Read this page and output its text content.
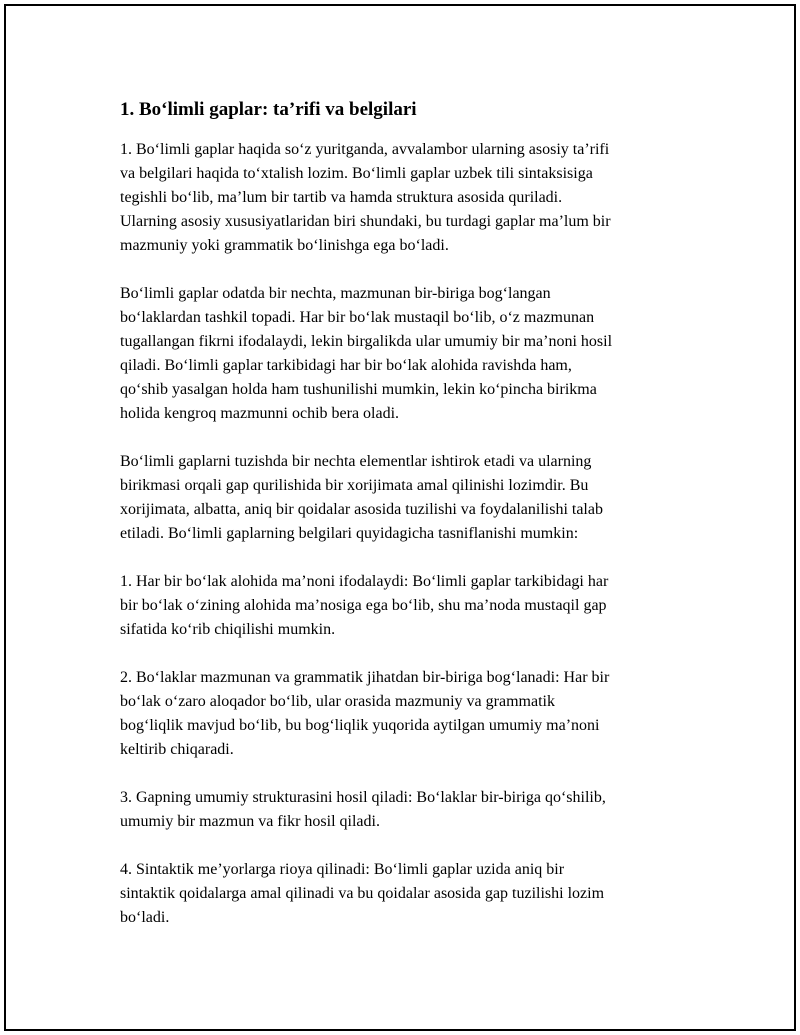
1. Bo‘limli gaplar: ta’rifi va belgilari

1. Bo‘limli gaplar haqida so‘z yuritganda, avvalambor ularning asosiy ta’rifi
va belgilari haqida to‘xtalish lozim. Bo‘limli gaplar uzbek tili sintaksisiga
tegishli bo‘lib, ma’lum bir tartib va hamda struktura asosida quriladi.
Ularning asosiy xususiyatlaridan biri shundaki, bu turdagi gaplar ma’lum bir
mazmuniy yoki grammatik bo‘linishga ega bo‘ladi.

Bo‘limli gaplar odatda bir nechta, mazmunan bir-biriga bog‘langan
bo‘laklardan tashkil topadi. Har bir bo‘lak mustaqil bo‘lib, o‘z mazmunan
tugallangan fikrni ifodalaydi, lekin birgalikda ular umumiy bir ma’noni hosil
qiladi. Bo‘limli gaplar tarkibidagi har bir bo‘lak alohida ravishda ham,
qo‘shib yasalgan holda ham tushunilishi mumkin, lekin ko‘pincha birikma
holida kengroq mazmunni ochib bera oladi.

Bo‘limli gaplarni tuzishda bir nechta elementlar ishtirok etadi va ularning
birikmasi orqali gap qurilishida bir xorijimata amal qilinishi lozimdir. Bu
xorijimata, albatta, aniq bir qoidalar asosida tuzilishi va foydalanilishi talab
etiladi. Bo‘limli gaplarning belgilari quyidagicha tasniflanishi mumkin:

1. Har bir bo‘lak alohida ma’noni ifodalaydi: Bo‘limli gaplar tarkibidagi har
bir bo‘lak o‘zining alohida ma’nosiga ega bo‘lib, shu ma’noda mustaqil gap
sifatida ko‘rib chiqilishi mumkin.

2. Bo‘laklar mazmunan va grammatik jihatdan bir-biriga bog‘lanadi: Har bir
bo‘lak o‘zaro aloqador bo‘lib, ular orasida mazmuniy va grammatik
bog‘liqlik mavjud bo‘lib, bu bog‘liqlik yuqorida aytilgan umumiy ma’noni
keltirib chiqaradi.

3. Gapning umumiy strukturasini hosil qiladi: Bo‘laklar bir-biriga qo‘shilib,
umumiy bir mazmun va fikr hosil qiladi.

4. Sintaktik me’yorlarga rioya qilinadi: Bo‘limli gaplar uzida aniq bir
sintaktik qoidalarga amal qilinadi va bu qoidalar asosida gap tuzilishi lozim
bo‘ladi.
